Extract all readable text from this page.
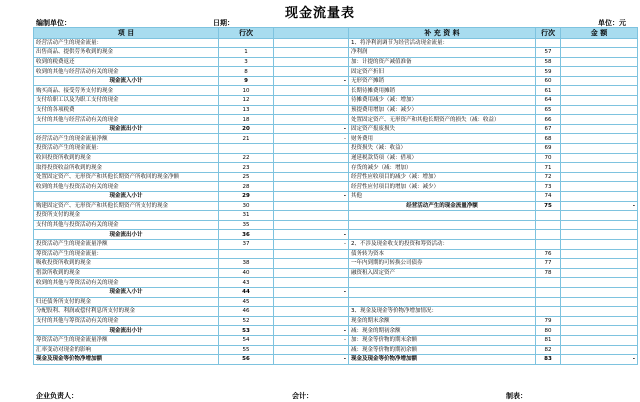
现金流量表
编制单位：	日期：	单位：元
项 目	行次		补 充 资 料	行次	金 额
经营活动产生的现金流量：			1、将净利润调节为经营活动现金流量：		
出售商品、提供劳务收到的现金	1		净利润	57	
收到的税费返还	3		加：计提的资产减值准备	58	
收到的其他与经营活动有关的现金	8		固定资产折旧	59	
现金流入小计	9	-	无形资产摊销	60	
购买商品、接受劳务支付的现金	10		长期待摊费用摊销	61	
支付给职工以及为职工支付的现金	12		待摊费用减少（减：增加）	64	
支付的各项税费	13		预提费用增加（减：减少）	65	
支付的其他与经营活动有关的现金	18		处置固定资产、无形资产和其他长期资产的损失（减：收益）	66	
现金流出小计	20	-	固定资产报废损失	67	
经营活动产生的现金流量净额	21	-	财务费用	68	
投资活动产生的现金流量：			投资损失（减：收益）	69	
收回投资所收到的现金	22		递延税款贷项（减：借项）	70	
取得投资收益所收到的现金	23		存货的减少（减：增加）	71	
处置固定资产、无形资产和其他长期资产所收回的现金净额	25		经营性应收项目的减少（减：增加）	72	
收到的其他与投资活动有关的现金	28		经营性应付项目的增加（减：减少）	73	
现金流入小计	29	-	其他	74	
购建固定资产、无形资产和其他长期资产所支付的现金	30		经营活动产生的现金流量净额	75	-
投资所支付的现金	31				
支付的其他与投资活动有关的现金	35				
现金流出小计	36	-			
投资活动产生的现金流量净额	37	-	2、不涉及现金收支的投资和筹资活动：		
筹资活动产生的现金流量：			债务转为资本	76	
吸收投资所收到的现金	38		一年内到期的可转换公司债券	77	
借款所收到的现金	40		融资租入固定资产	78	
收到的其他与筹资活动有关的现金	43				
现金流入小计	44	-			
归还债务所支付的现金	45				
分配股利、利润或偿付利息所支付的现金	46		3、现金及现金等价物净增加情况：		
支付的其他与筹资活动有关的现金	52		现金的期末余额	79	
现金流出小计	53	-	减：现金的期初余额	80	
筹资活动产生的现金流量净额	54	-	加：现金等价物的期末余额	81	
汇率变动对现金的影响	55		减：现金等价物的期初余额	82	
现金及现金等价物净增加额	56	-	现金及现金等价物净增加额	83	-
企业负责人：	会计：	制表：
